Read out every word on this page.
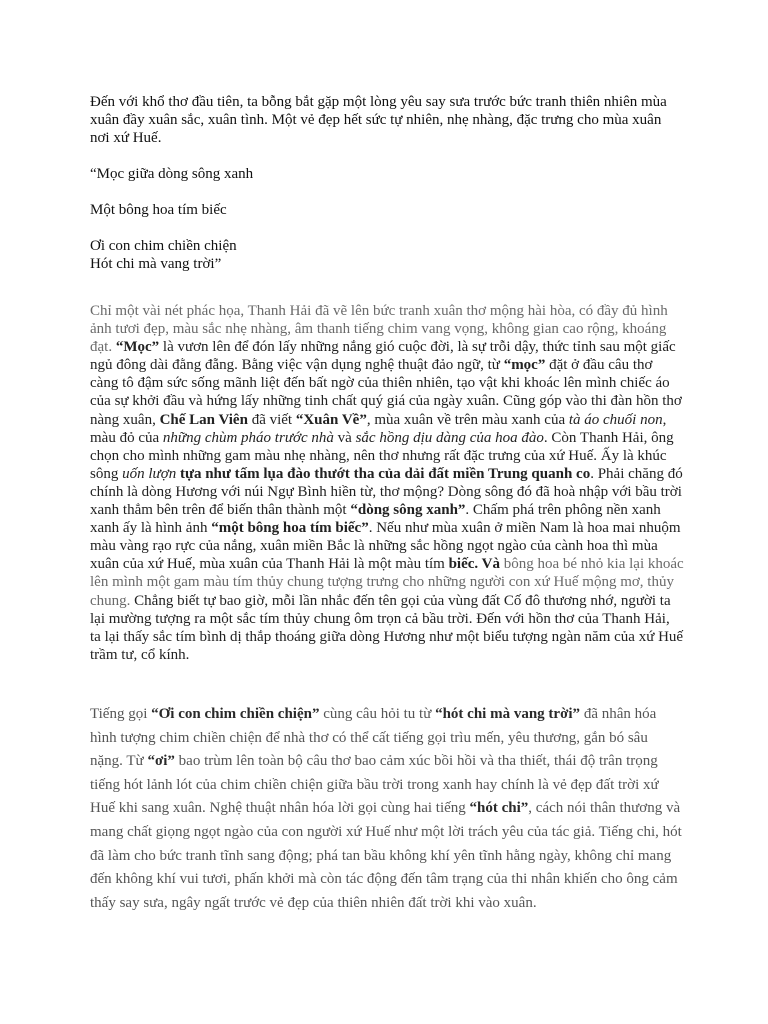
Đến với khổ thơ đầu tiên, ta bỗng bắt gặp một lòng yêu say sưa trước bức tranh thiên nhiên mùa xuân đầy xuân sắc, xuân tình. Một vẻ đẹp hết sức tự nhiên, nhẹ nhàng, đặc trưng cho mùa xuân nơi xứ Huế.

“Mọc giữa dòng sông xanh

Một bông hoa tím biếc

Ơi con chim chiền chiện

Hót chi mà vang trời”

Chỉ một vài nét phác họa, Thanh Hải đã vẽ lên bức tranh xuân thơ mộng hài hòa, có đầy đủ hình ảnh tươi đẹp, màu sắc nhẹ nhàng, âm thanh tiếng chim vang vọng, không gian cao rộng, khoáng đạt. “Mọc” là vươn lên để đón lấy những nắng gió cuộc đời, là sự trỗi dậy, thức tỉnh sau một giấc ngủ đông dài đằng đẵng. Bằng việc vận dụng nghệ thuật đảo ngữ, từ “mọc” đặt ở đầu câu thơ càng tô đậm sức sống mãnh liệt đến bất ngờ của thiên nhiên, tạo vật khi khoác lên mình chiếc áo của sự khởi đầu và hứng lấy những tinh chất quý giá của ngày xuân. Cũng góp vào thi đàn hồn thơ nàng xuân, Chế Lan Viên đã viết “Xuân Về”, mùa xuân về trên màu xanh của tà áo chuối non, màu đỏ của những chùm pháo trước nhà và sắc hồng dịu dàng của hoa đào. Còn Thanh Hải, ông chọn cho mình những gam màu nhẹ nhàng, nên thơ nhưng rất đặc trưng của xứ Huế. Ấy là khúc sông uốn lượn tựa như tấm lụa đào thướt tha của dải đất miền Trung quanh co. Phải chăng đó chính là dòng Hương với núi Ngự Bình hiền từ, thơ mộng? Dòng sông đó đã hoà nhập với bầu trời xanh thẳm bên trên để biến thân thành một “dòng sông xanh”. Chấm phá trên phông nền xanh xanh ấy là hình ảnh “một bông hoa tím biếc”. Nếu như mùa xuân ở miền Nam là hoa mai nhuộm màu vàng rạo rực của nắng, xuân miền Bắc là những sắc hồng ngọt ngào của cành hoa thì mùa xuân của xứ Huế, mùa xuân của Thanh Hải là một màu tím biếc. Và bông hoa bé nhỏ kia lại khoác lên mình một gam màu tím thủy chung tượng trưng cho những người con xứ Huế mộng mơ, thủy chung. Chẳng biết tự bao giờ, mỗi lần nhắc đến tên gọi của vùng đất Cố đô thương nhớ, người ta lại mường tượng ra một sắc tím thủy chung ôm trọn cả bầu trời. Đến với hồn thơ của Thanh Hải, ta lại thấy sắc tím bình dị thắp thoáng giữa dòng Hương như một biểu tượng ngàn năm của xứ Huế trầm tư, cổ kính.

Tiếng gọi “Ơi con chim chiền chiện” cùng câu hỏi tu từ “hót chi mà vang trời” đã nhân hóa hình tượng chim chiền chiện để nhà thơ có thể cất tiếng gọi trìu mến, yêu thương, gắn bó sâu nặng. Từ “ơi” bao trùm lên toàn bộ câu thơ bao cảm xúc bồi hồi và tha thiết, thái độ trân trọng tiếng hót lảnh lót của chim chiền chiện giữa bầu trời trong xanh hay chính là vẻ đẹp đất trời xứ Huế khi sang xuân. Nghệ thuật nhân hóa lời gọi cùng hai tiếng “hót chi”, cách nói thân thương và mang chất giọng ngọt ngào của con người xứ Huế như một lời trách yêu của tác giả. Tiếng chi, hót đã làm cho bức tranh tĩnh sang động; phá tan bầu không khí yên tĩnh hằng ngày, không chỉ mang đến không khí vui tươi, phấn khởi mà còn tác động đến tâm trạng của thi nhân khiến cho ông cảm thấy say sưa, ngây ngất trước vẻ đẹp của thiên nhiên đất trời khi vào xuân.
